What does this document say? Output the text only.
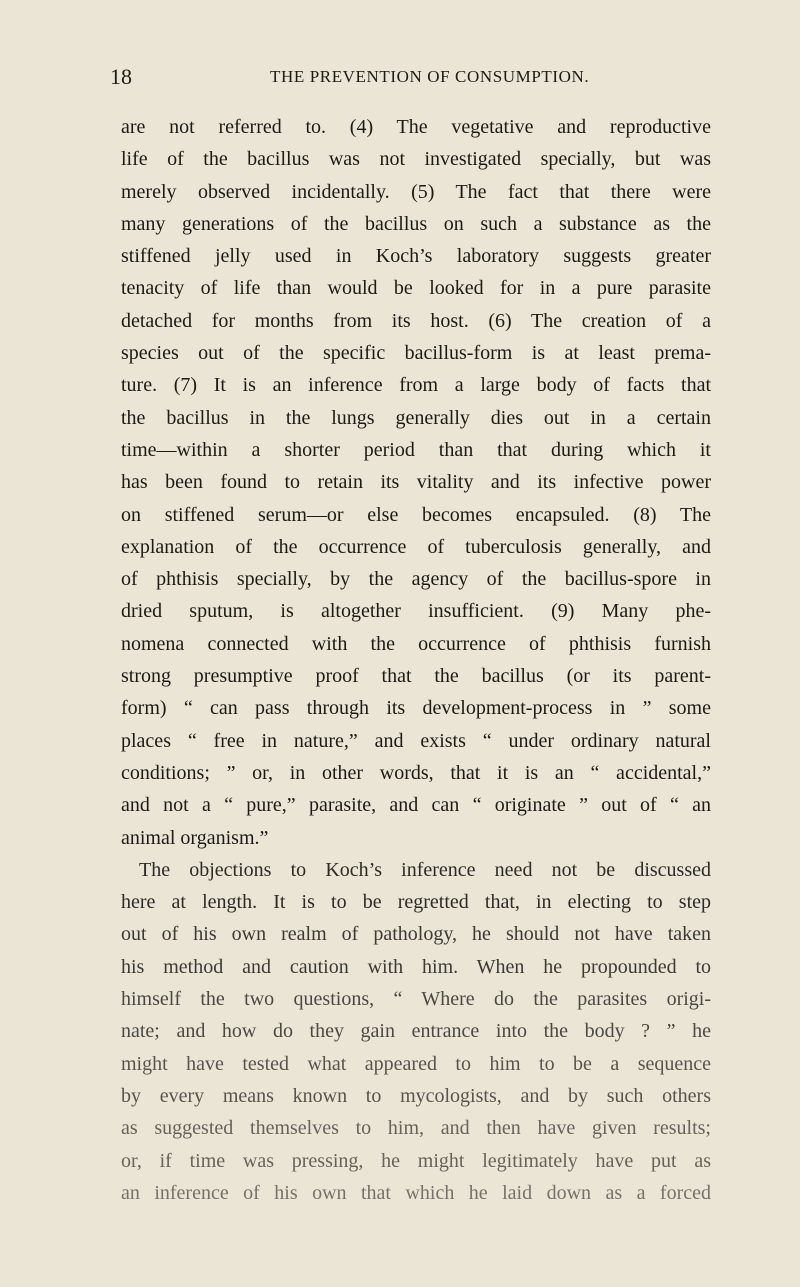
18	THE PREVENTION OF CONSUMPTION.
are not referred to. (4) The vegetative and reproductive
life of the bacillus was not investigated specially, but was
merely observed incidentally. (5) The fact that there were
many generations of the bacillus on such a substance as the
stiffened jelly used in Koch’s laboratory suggests greater
tenacity of life than would be looked for in a pure parasite
detached for months from its host. (6) The creation of a
species out of the specific bacillus-form is at least prema-
ture. (7) It is an inference from a large body of facts that
the bacillus in the lungs generally dies out in a certain
time—within a shorter period than that during which it
has been found to retain its vitality and its infective power
on stiffened serum—or else becomes encapsuled. (8) The
explanation of the occurrence of tuberculosis generally, and
of phthisis specially, by the agency of the bacillus-spore in
dried sputum, is altogether insufficient. (9) Many phe-
nomena connected with the occurrence of phthisis furnish
strong presumptive proof that the bacillus (or its parent-
form) “ can pass through its development-process in ” some
places “ free in nature,” and exists “ under ordinary natural
conditions; ” or, in other words, that it is an “ accidental,”
and not a “ pure,” parasite, and can “ originate ” out of “ an
animal organism.”
The objections to Koch’s inference need not be discussed
here at length. It is to be regretted that, in electing to step
out of his own realm of pathology, he should not have taken
his method and caution with him. When he propounded to
himself the two questions, “ Where do the parasites origi-
nate; and how do they gain entrance into the body ? ” he
might have tested what appeared to him to be a sequence
by every means known to mycologists, and by such others
as suggested themselves to him, and then have given results;
or, if time was pressing, he might legitimately have put as
an inference of his own that which he laid down as a forced
